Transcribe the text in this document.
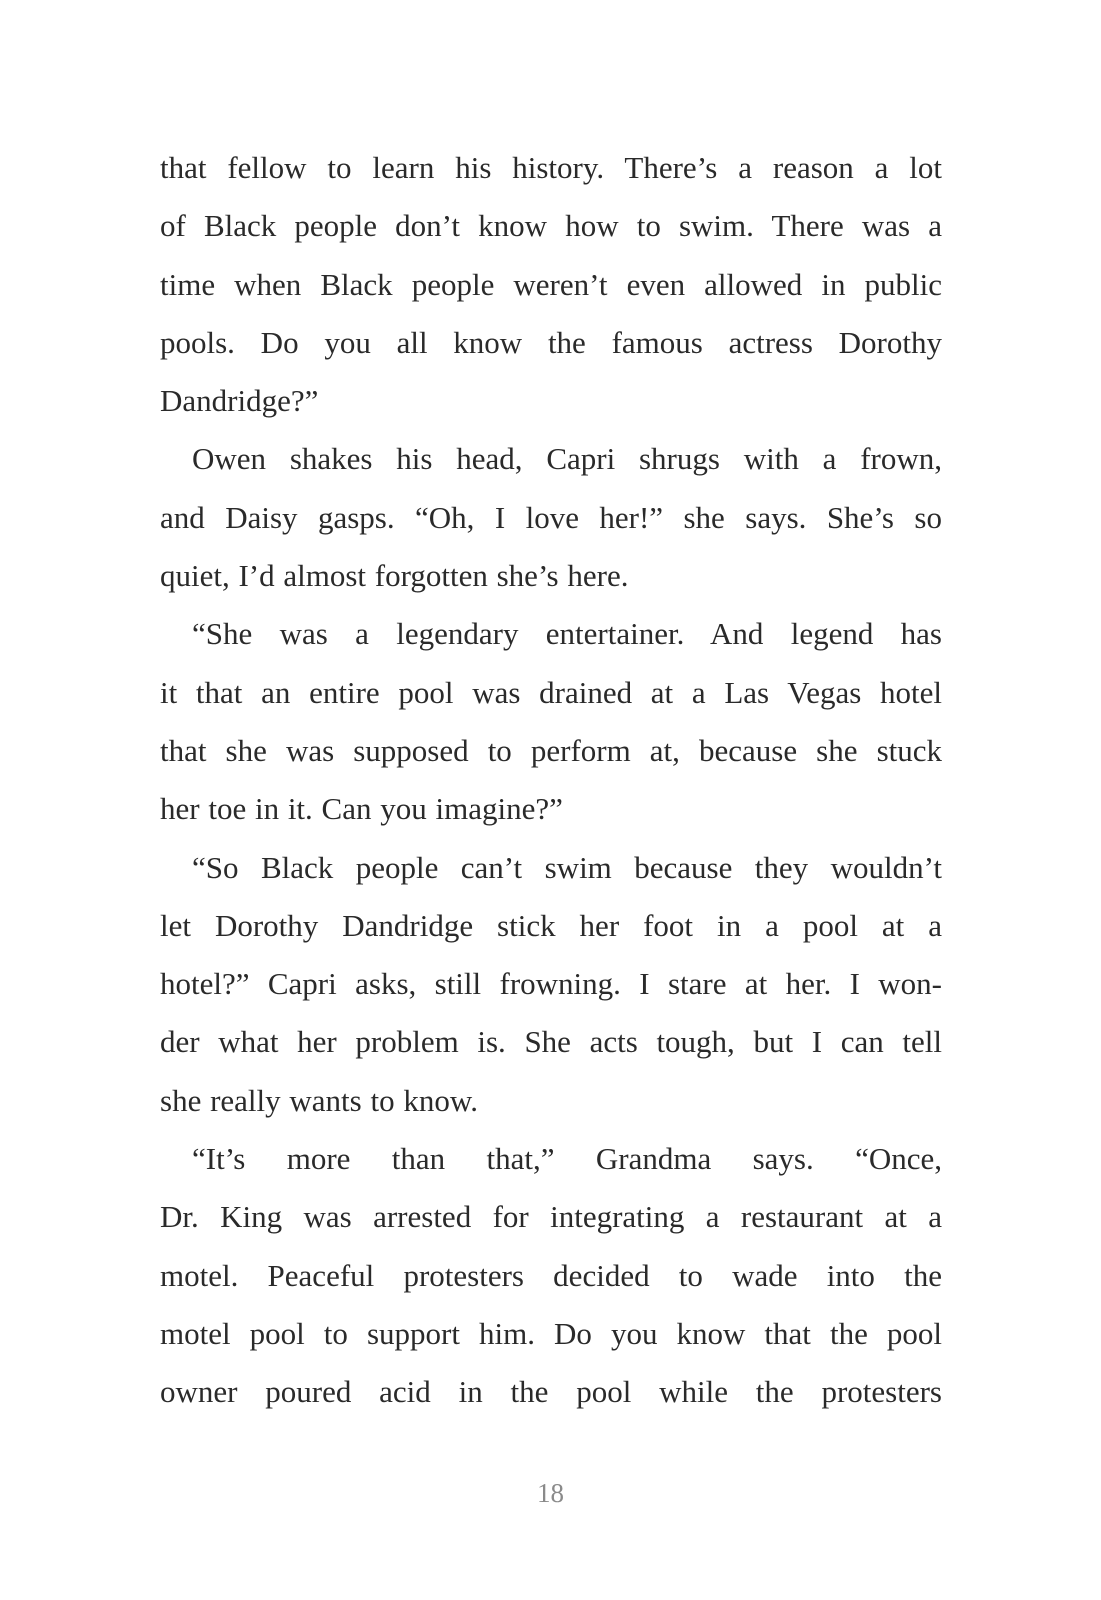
that fellow to learn his history. There’s a reason a lot
of Black people don’t know how to swim. There was a
time when Black people weren’t even allowed in public
pools. Do you all know the famous actress Dorothy
Dandridge?”
Owen shakes his head, Capri shrugs with a frown,
and Daisy gasps. “Oh, I love her!” she says. She’s so
quiet, I’d almost forgotten she’s here.
“She was a legendary entertainer. And legend has
it that an entire pool was drained at a Las Vegas hotel
that she was supposed to perform at, because she stuck
her toe in it. Can you imagine?”
“So Black people can’t swim because they wouldn’t
let Dorothy Dandridge stick her foot in a pool at a
hotel?” Capri asks, still frowning. I stare at her. I won-
der what her problem is. She acts tough, but I can tell
she really wants to know.
“It’s more than that,” Grandma says. “Once,
Dr. King was arrested for integrating a restaurant at a
motel. Peaceful protesters decided to wade into the
motel pool to support him. Do you know that the pool
owner poured acid in the pool while the protesters
18
